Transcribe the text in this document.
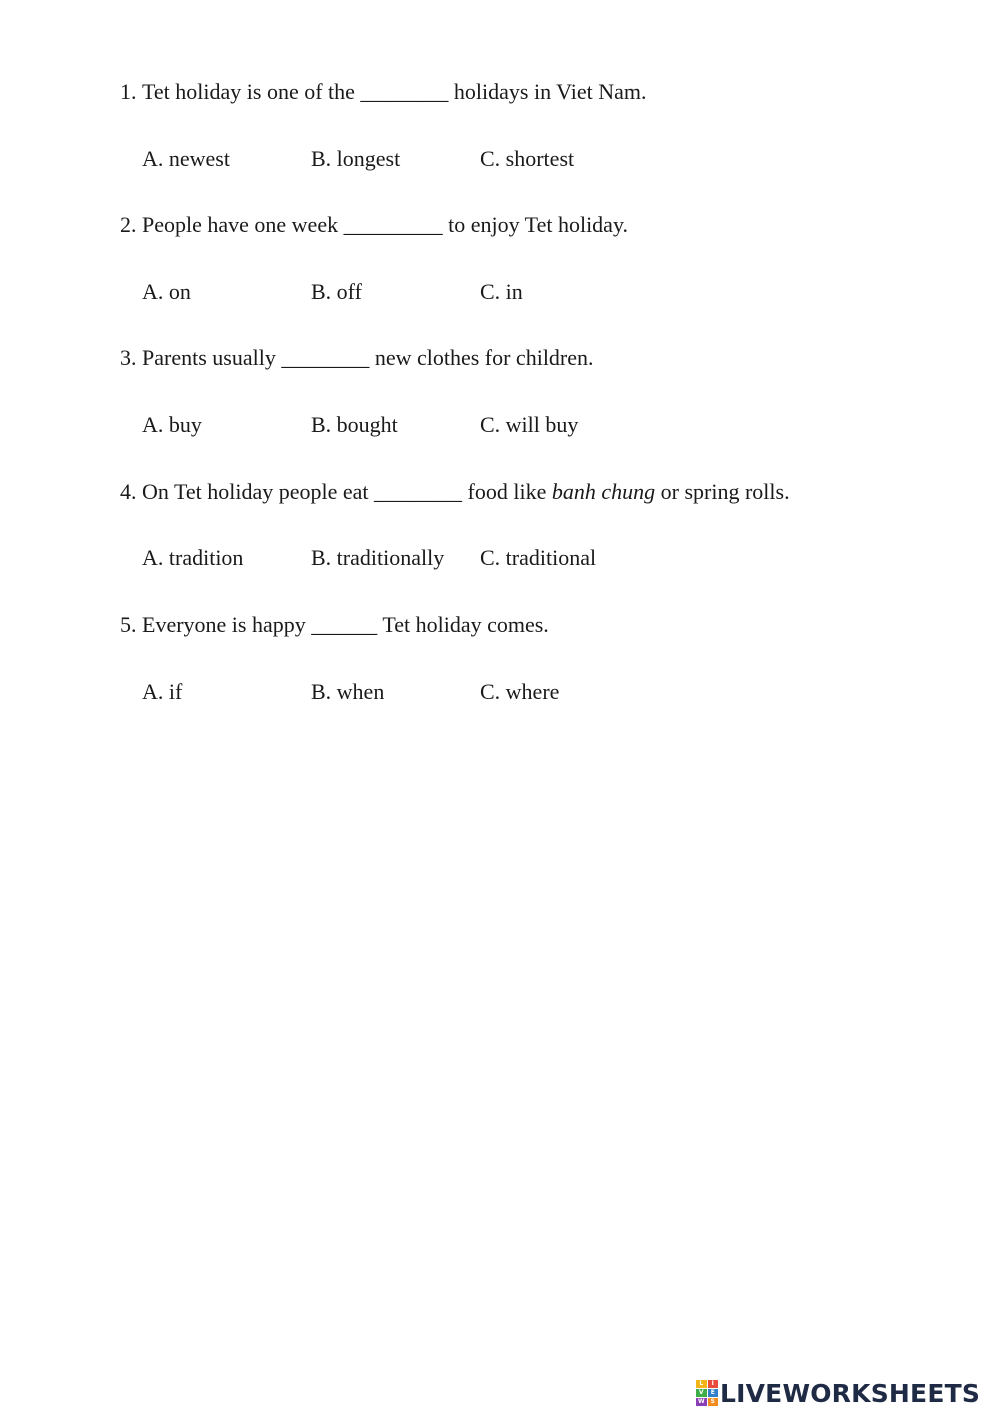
1. Tet holiday is one of the ________ holidays in Viet Nam.
A. newest	B. longest	C. shortest
2. People have one week _________ to enjoy Tet holiday.
A. on	B. off	C. in
3. Parents usually ________ new clothes for children.
A. buy	B. bought	C. will buy
4. On Tet holiday people eat ________ food like banh chung or spring rolls.
A. tradition	B. traditionally C. traditional
5. Everyone is happy ______ Tet holiday comes.
A. if	B. when	C. where
L	I
V	E
W	S LIVEWORKSHEETS
